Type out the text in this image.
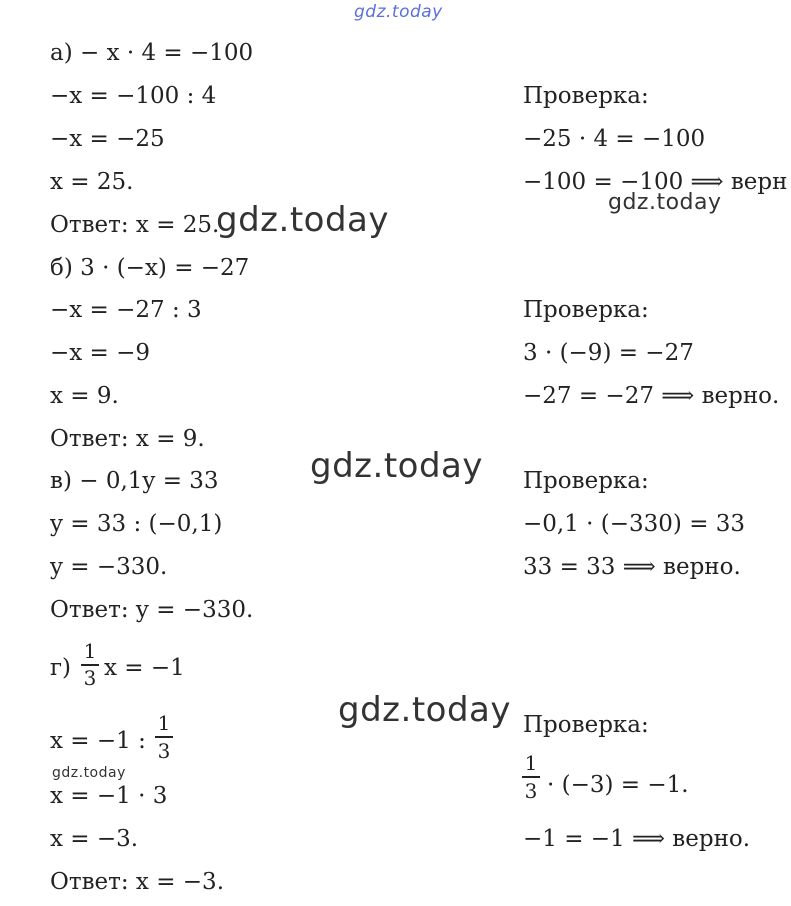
gdz.today
gdz.today	gdz.today
gdz.today
gdz.today
gdz.today
а) − x · 4 = −100
−x = −100 : 4
−x = −25
x = 25.
Ответ: x = 25.
Проверка:
−25 · 4 = −100
−100 = −100 ⟹ верн
б) 3 · (−x) = −27
−x = −27 : 3
−x = −9
x = 9.
Ответ: x = 9.
Проверка:
3 · (−9) = −27
−27 = −27 ⟹ верно.
в) − 0,1y = 33
y = 33 : (−0,1)
y = −330.
Ответ: y = −330.
Проверка:
−0,1 · (−330) = 33
33 = 33 ⟹ верно.
г)
1
3 x = −1
x = −1 :
1
3
x = −1 · 3
x = −3.
Ответ: x = −3.
Проверка:
1
3 · (−3) = −1.
−1 = −1 ⟹ верно.
